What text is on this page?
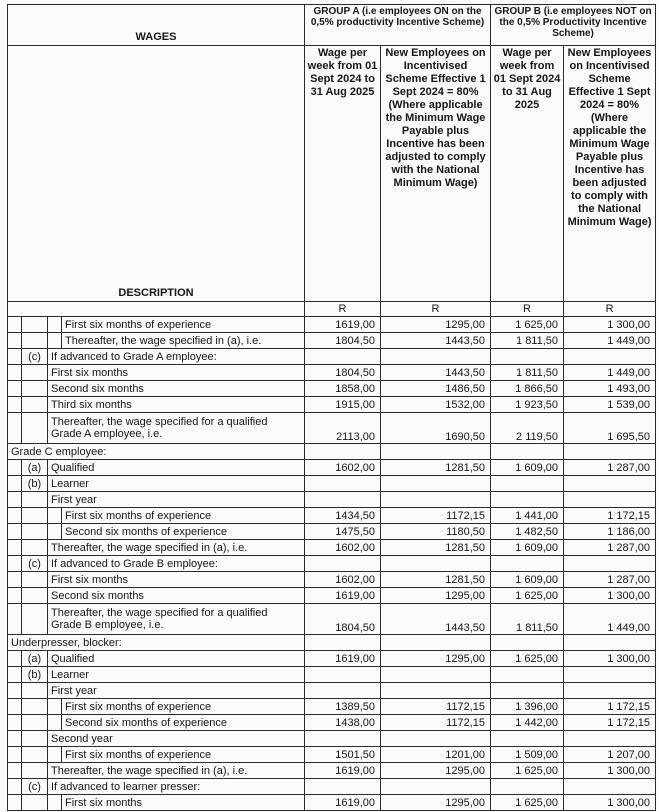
WAGES				GROUP A (i.e employees ON on the 0,5% productivity Incentive Scheme)		GROUP B (i.e employees NOT on the 0,5% Productivity Incentive Scheme)	
DESCRIPTION				Wage per week from 01 Sept 2024 to 31 Aug 2025	New Employees on Incentivised Scheme Effective 1 Sept 2024 = 80% (Where applicable the Minimum Wage Payable plus Incentive has been adjusted to comply with the National Minimum Wage)	Wage per week from 01 Sept 2024 to 31 Aug 2025	New Employees on Incentivised Scheme Effective 1 Sept 2024 = 80% (Where applicable the Minimum Wage Payable plus Incentive has been adjusted to comply with the National Minimum Wage)
				R	R	R	R
			First six months of experience	1619,00	1295,00	1 625,00	1 300,00
			Thereafter, the wage specified in (a), i.e.	1804,50	1443,50	1 811,50	1 449,00
	(c)	If advanced to Grade A employee:					
		First six months		1804,50	1443,50	1 811,50	1 449,00
		Second six months		1858,00	1486,50	1 866,50	1 493,00
		Third six months		1915,00	1532,00	1 923,50	1 539,00
		Thereafter, the wage specified for a qualified Grade A employee, i.e.		2113,00	1690,50	2 119,50	1 695,50
Grade C employee:							
	(a)	Qualified		1602,00	1281,50	1 609,00	1 287,00
	(b)	Learner					
		First year					
			First six months of experience	1434,50	1172,15	1 441,00	1 172,15
			Second six months of experience	1475,50	1180,50	1 482,50	1 186,00
		Thereafter, the wage specified in (a), i.e.		1602,00	1281,50	1 609,00	1 287,00
	(c)	If advanced to Grade B employee:					
		First six months		1602,00	1281,50	1 609,00	1 287,00
		Second six months		1619,00	1295,00	1 625,00	1 300,00
		Thereafter, the wage specified for a qualified Grade B employee, i.e.		1804,50	1443,50	1 811,50	1 449,00
Underpresser, blocker:							
	(a)	Qualified		1619,00	1295,00	1 625,00	1 300,00
	(b)	Learner					
		First year					
			First six months of experience	1389,50	1172,15	1 396,00	1 172,15
			Second six months of experience	1438,00	1172,15	1 442,00	1 172,15
		Second year					
			First six months of experience	1501,50	1201,00	1 509,00	1 207,00
		Thereafter, the wage specified in (a), i.e.		1619,00	1295,00	1 625,00	1 300,00
	(c)	If advanced to learner presser:					
			First six months	1619,00	1295,00	1 625,00	1 300,00
